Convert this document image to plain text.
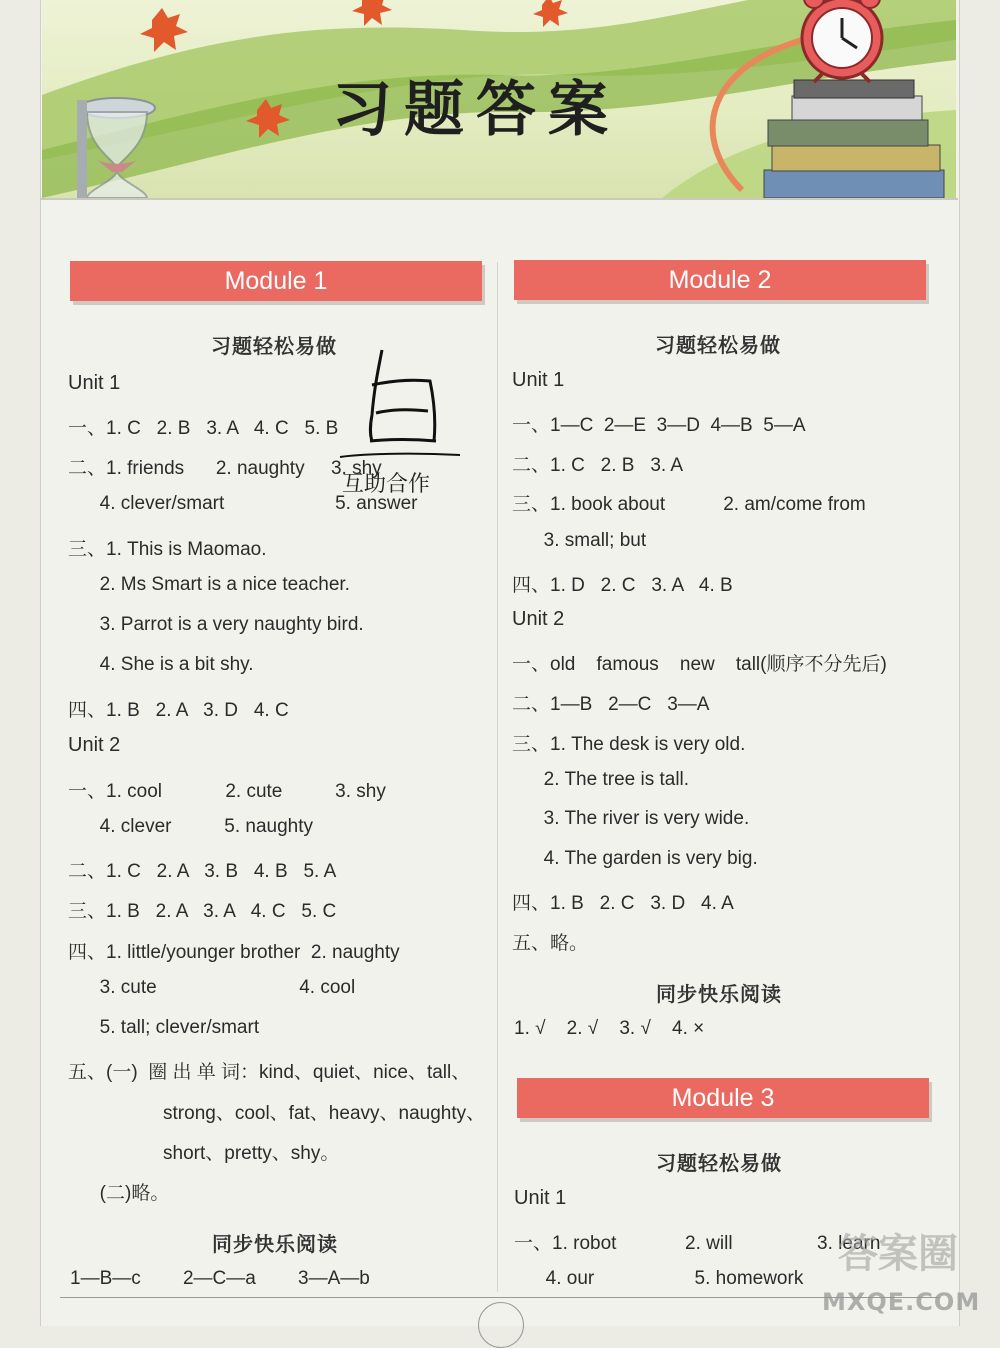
习题答案
Module 1
习题轻松易做
Unit 1
一、1. C   2. B   3. A   4. C   5. B
二、1. friends      2. naughty     3. shy
4. clever/smart                     5. answer
三、1. This is Maomao.
2. Ms Smart is a nice teacher.
3. Parrot is a very naughty bird.
4. She is a bit shy.
四、1. B   2. A   3. D   4. C
Unit 2
一、1. cool            2. cute          3. shy
4. clever          5. naughty
二、1. C   2. A   3. B   4. B   5. A
三、1. B   2. A   3. A   4. C   5. C
四、1. little/younger brother  2. naughty
3. cute                           4. cool
5. tall; clever/smart
五、(一)  圈 出 单 词：kind、quiet、nice、tall、
strong、cool、fat、heavy、naughty、
short、pretty、shy。
(二)略。
同步快乐阅读
1—B—c        2—C—a        3—A—b
互助合作
Module 2
习题轻松易做
Unit 1
一、1—C  2—E  3—D  4—B  5—A
二、1. C   2. B   3. A
三、1. book about           2. am/come from
3. small; but
四、1. D   2. C   3. A   4. B
Unit 2
一、old    famous    new    tall(顺序不分先后)
二、1—B   2—C   3—A
三、1. The desk is very old.
2. The tree is tall.
3. The river is very wide.
4. The garden is very big.
四、1. B   2. C   3. D   4. A
五、略。
同步快乐阅读
1. √    2. √    3. √    4. ×
Module 3
习题轻松易做
Unit 1
一、1. robot             2. will                3. learn
4. our                   5. homework
答案圈
MXQE.COM
